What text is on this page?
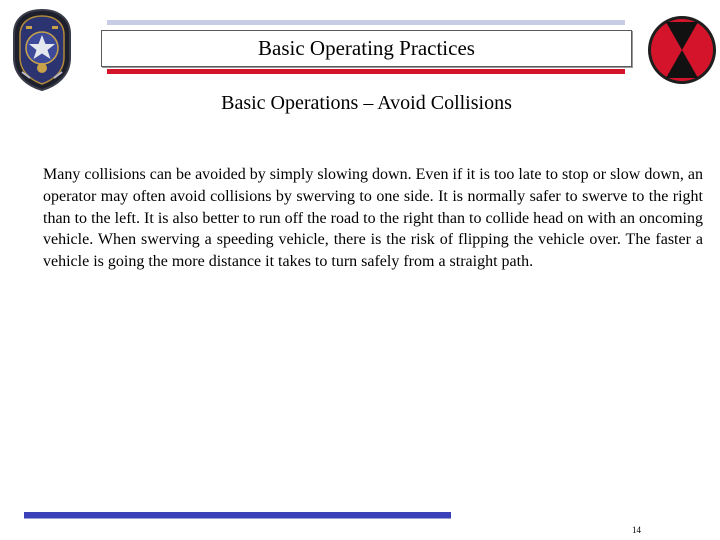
Basic Operating Practices
Basic Operations – Avoid Collisions
Many collisions can be avoided by simply slowing down. Even if it is too late to stop or slow down, an operator may often avoid collisions by swerving to one side. It is normally safer to swerve to the right than to the left. It is also better to run off the road to the right than to collide head on with an oncoming vehicle. When swerving a speeding vehicle, there is the risk of flipping the vehicle over. The faster a vehicle is going the more distance it takes to turn safely from a straight path.
14
